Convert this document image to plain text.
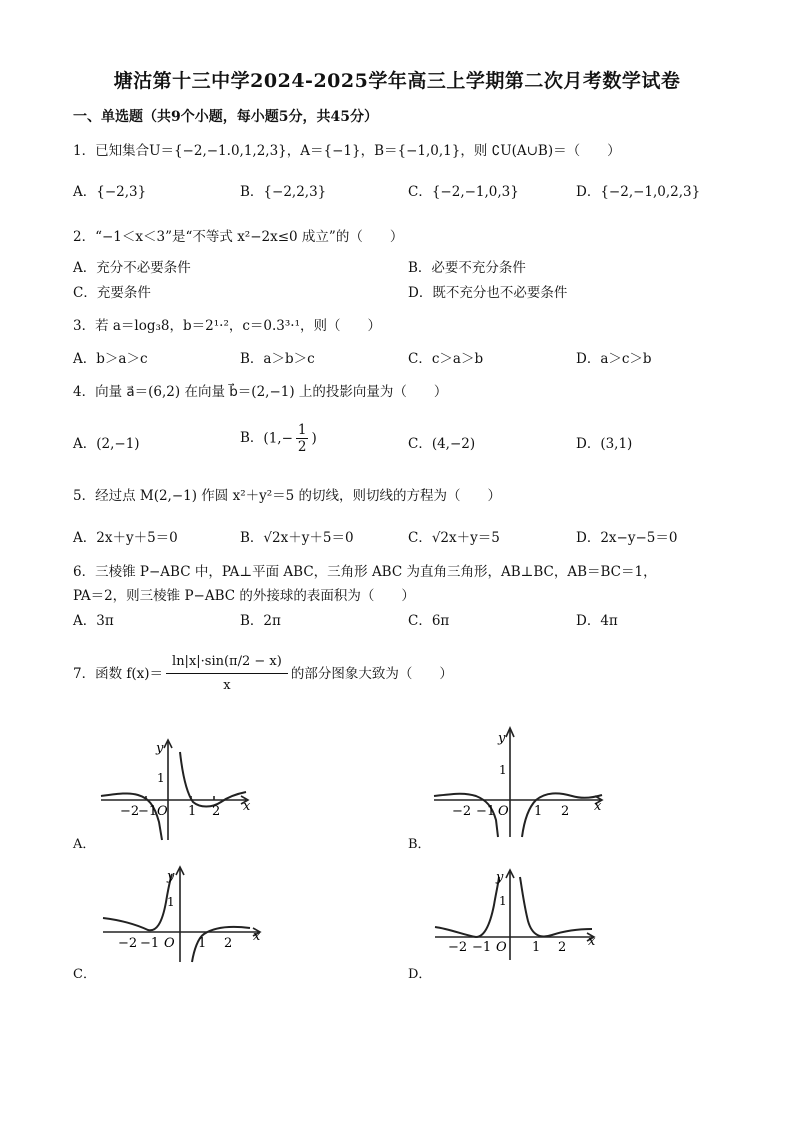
塘沽第十三中学2024-2025学年高三上学期第二次月考数学试卷
一、单选题（共9个小题，每小题5分，共45分）
1．已知集合U＝{−2,−1.0,1,2,3}，A＝{−1}，B＝{−1,0,1}，则 ∁U(A∪B)＝（　　）
A．{−2,3}	B．{−2,2,3}	C．{−2,−1,0,3}	D．{−2,−1,0,2,3}
2．“−1＜x＜3”是“不等式 x²−2x≤0 成立”的（　　）
A．充分不必要条件	B．必要不充分条件
C．充要条件	D．既不充分也不必要条件
3．若 a＝log₃8，b＝2¹·²，c＝0.3³·¹，则（　　）
A．b＞a＞c	B．a＞b＞c	C．c＞a＞b	D．a＞c＞b
4．向量 a⃗＝(6,2) 在向量 b⃗＝(2,−1) 上的投影向量为（　　）
A．(2,−1)	B．($1,- \frac{1}{2}$ )	C．(4,−2)	D．(3,1)
5．经过点 M(2,−1) 作圆 x²＋y²＝5 的切线，则切线的方程为（　　）
A．2x＋y＋5＝0	B．√2x＋y＋5＝0	C．√2x＋y＝5	D．2x−y−5＝0
6．三棱锥 P−ABC 中，PA⊥平面 ABC，三角形 ABC 为直角三角形，AB⊥BC，AB＝BC＝1，
PA＝2，则三棱锥 P−ABC 的外接球的表面积为（　　）
A．3π	B．2π	C．6π	D．4π
7．函数 $f(x)= \frac{\ln|x|\cdot\sin(\pi/2 - x)}{x}$ 的部分图象大致为（　　）
y
1
−2
−1 O 1 2 x
A．
y
1
−2 −1 O 1 2 x
B．
y
1
−2 −1 O 1 2 x
C．
y
1
−2 −1 O 1 2 x
D．
